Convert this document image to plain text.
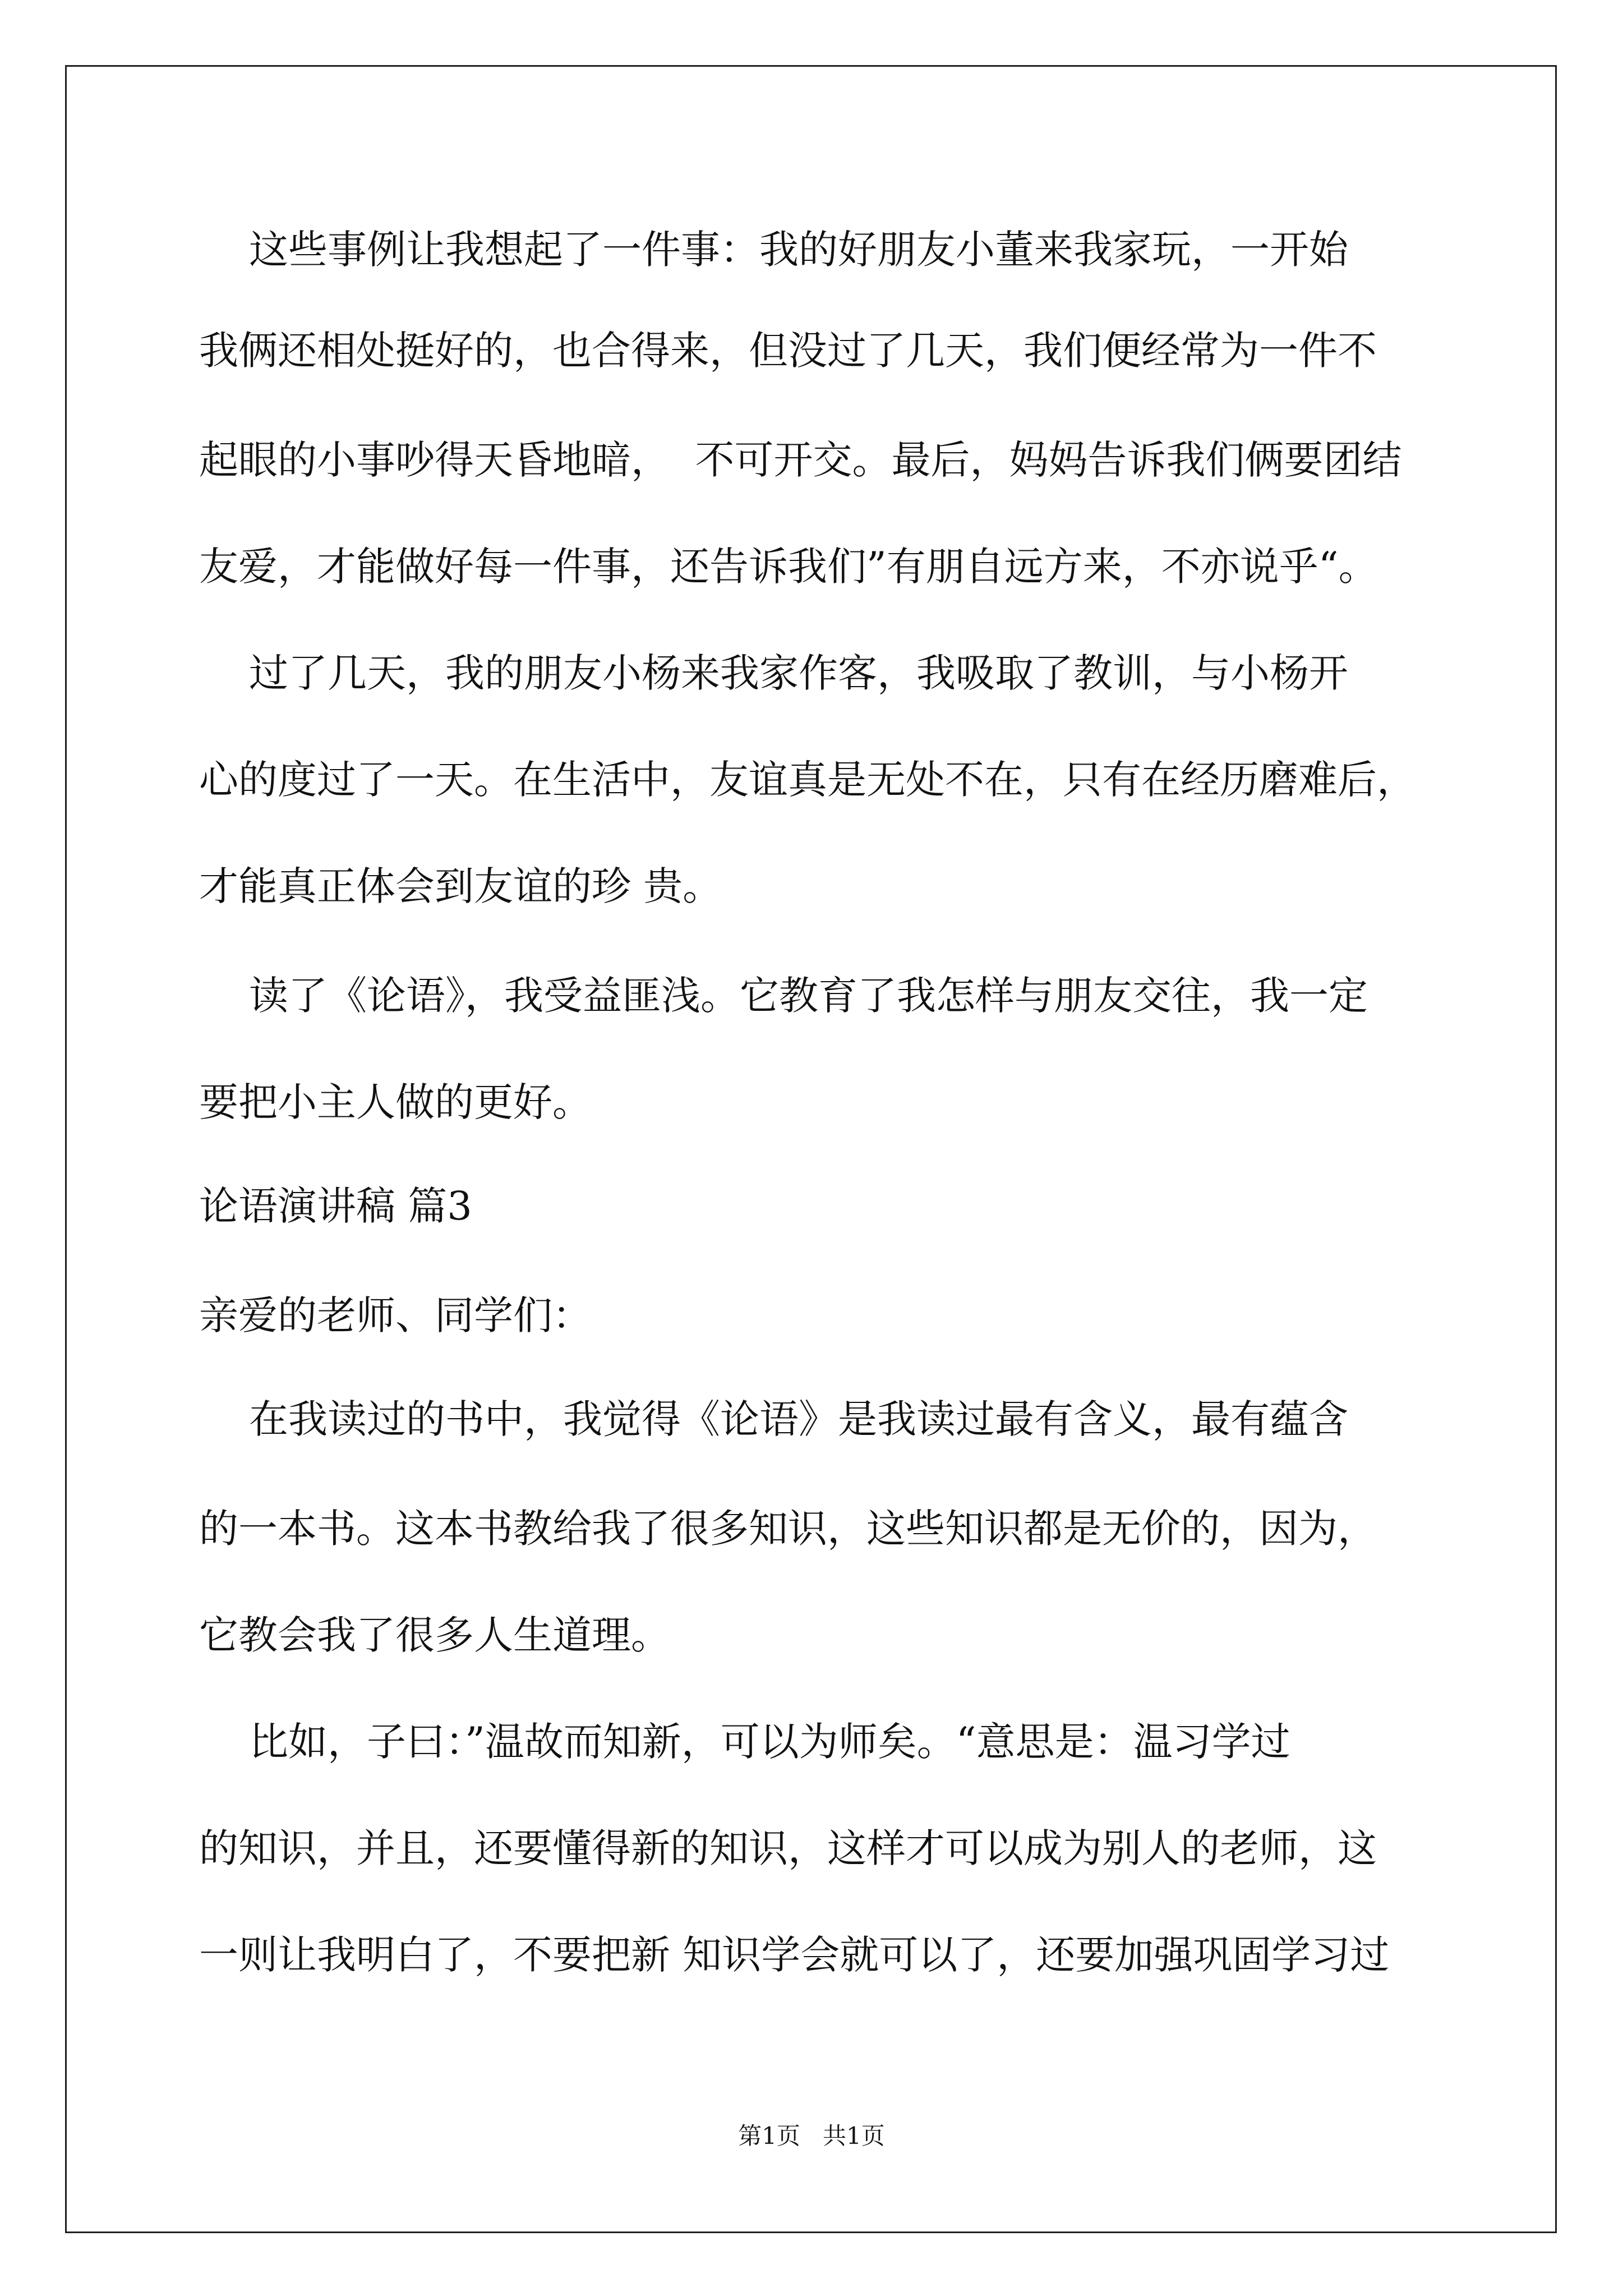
这些事例让我想起了一件事：我的好朋友小董来我家玩，一开始

我俩还相处挺好的，也合得来，但没过了几天，我们便经常为一件不

起眼的小事吵得天昏地暗，  不可开交。最后，妈妈告诉我们俩要团结

友爱，才能做好每一件事，还告诉我们”有朋自远方来，不亦说乎“。

过了几天，我的朋友小杨来我家作客，我吸取了教训，与小杨开

心的度过了一天。在生活中，友谊真是无处不在，只有在经历磨难后，

才能真正体会到友谊的珍 贵。

读了《论语》，我受益匪浅。它教育了我怎样与朋友交往，我一定

要把小主人做的更好。

论语演讲稿 篇3

亲爱的老师、同学们：

在我读过的书中，我觉得《论语》是我读过最有含义，最有蕴含

的一本书。这本书教给我了很多知识，这些知识都是无价的，因为，

它教会我了很多人生道理。

比如，子曰：”温故而知新，可以为师矣。“意思是：温习学过

的知识，并且，还要懂得新的知识，这样才可以成为别人的老师，这

一则让我明白了，不要把新 知识学会就可以了，还要加强巩固学习过

第1页   共1页
